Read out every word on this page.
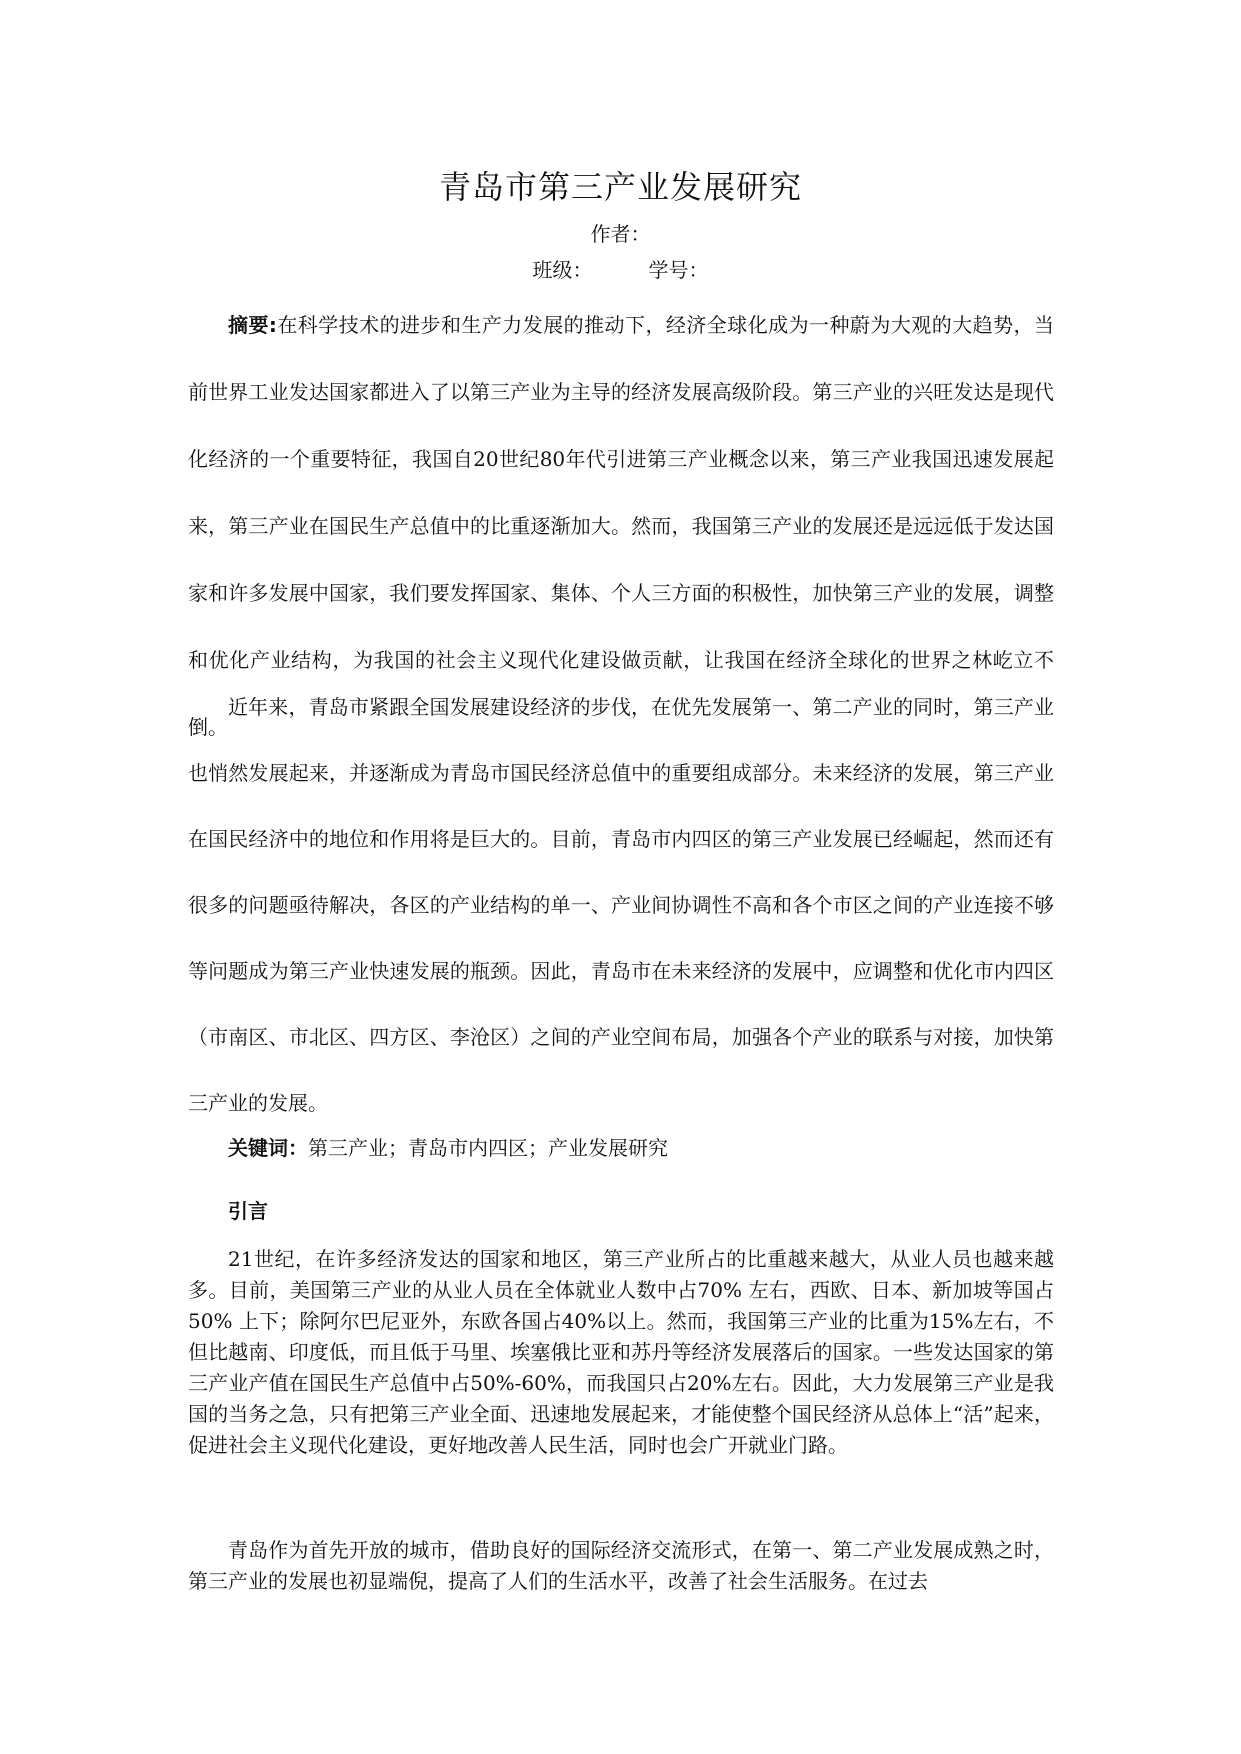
青岛市第三产业发展研究
作者：
班级：	学号：

摘要:在科学技术的进步和生产力发展的推动下，经济全球化成为一种蔚为大观的大趋势，当前世界工业发达国家都进入了以第三产业为主导的经济发展高级阶段。第三产业的兴旺发达是现代化经济的一个重要特征，我国自20世纪80年代引进第三产业概念以来，第三产业我国迅速发展起来，第三产业在国民生产总值中的比重逐渐加大。然而，我国第三产业的发展还是远远低于发达国家和许多发展中国家，我们要发挥国家、集体、个人三方面的积极性，加快第三产业的发展，调整和优化产业结构，为我国的社会主义现代化建设做贡献，让我国在经济全球化的世界之林屹立不倒。

近年来，青岛市紧跟全国发展建设经济的步伐，在优先发展第一、第二产业的同时，第三产业也悄然发展起来，并逐渐成为青岛市国民经济总值中的重要组成部分。未来经济的发展，第三产业在国民经济中的地位和作用将是巨大的。目前，青岛市内四区的第三产业发展已经崛起，然而还有很多的问题亟待解决，各区的产业结构的单一、产业间协调性不高和各个市区之间的产业连接不够等问题成为第三产业快速发展的瓶颈。因此，青岛市在未来经济的发展中，应调整和优化市内四区（市南区、市北区、四方区、李沧区）之间的产业空间布局，加强各个产业的联系与对接，加快第三产业的发展。

关键词：第三产业；青岛市内四区；产业发展研究

引言

21世纪，在许多经济发达的国家和地区，第三产业所占的比重越来越大，从业人员也越来越多。目前，美国第三产业的从业人员在全体就业人数中占70% 左右，西欧、日本、新加坡等国占50% 上下；除阿尔巴尼亚外，东欧各国占40%以上。然而，我国第三产业的比重为15%左右，不但比越南、印度低，而且低于马里、埃塞俄比亚和苏丹等经济发展落后的国家。一些发达国家的第三产业产值在国民生产总值中占50%-60%，而我国只占20%左右。因此，大力发展第三产业是我国的当务之急，只有把第三产业全面、迅速地发展起来，才能使整个国民经济从总体上“活”起来，促进社会主义现代化建设，更好地改善人民生活，同时也会广开就业门路。

青岛作为首先开放的城市，借助良好的国际经济交流形式，在第一、第二产业发展成熟之时，第三产业的发展也初显端倪，提高了人们的生活水平，改善了社会生活服务。在过去
